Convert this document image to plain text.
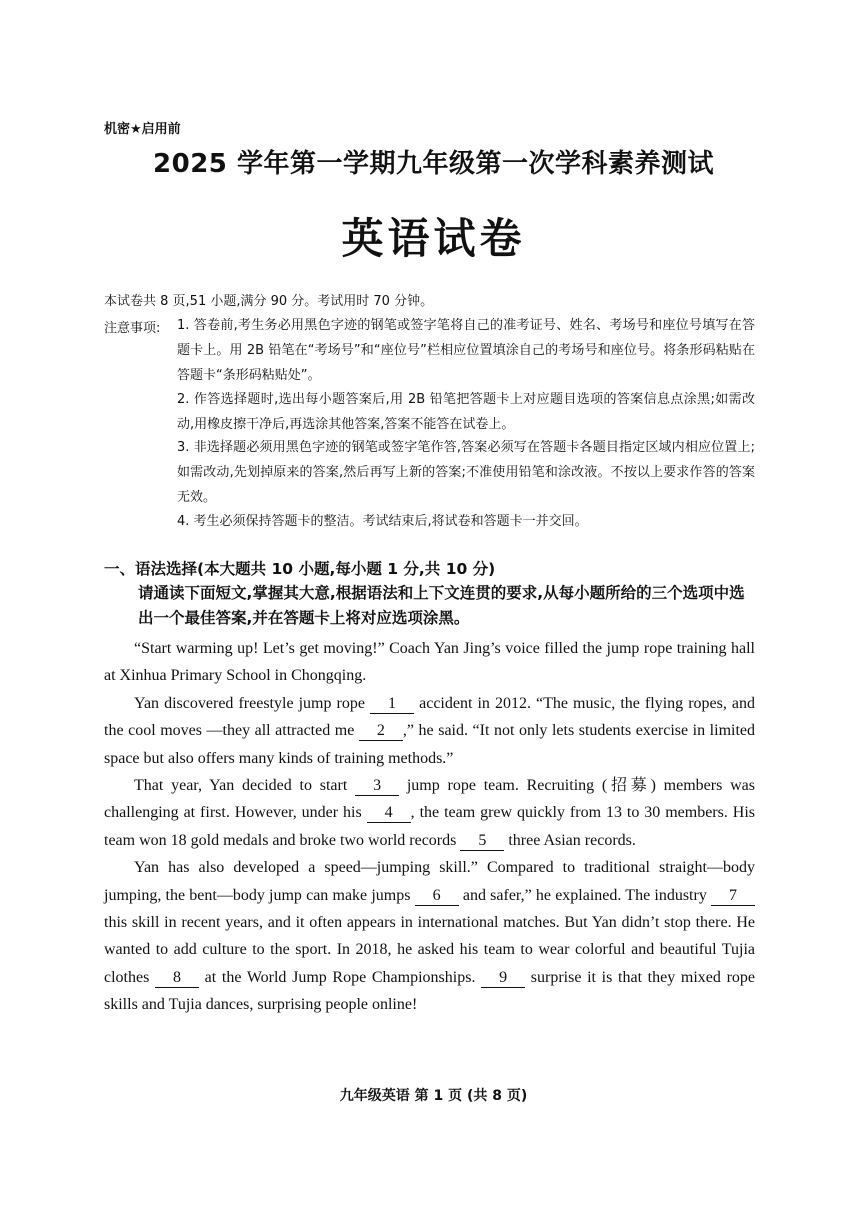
机密★启用前
2025 学年第一学期九年级第一次学科素养测试
英语试卷
本试卷共 8 页,51 小题,满分 90 分。考试用时 70 分钟。
注意事项: 1. 答卷前,考生务必用黑色字迹的钢笔或签字笔将自己的准考证号、姓名、考场号和座位号填写在答题卡上。用 2B 铅笔在“考场号”和“座位号”栏相应位置填涂自己的考场号和座位号。将条形码粘贴在答题卡“条形码粘贴处”。
2. 作答选择题时,选出每小题答案后,用 2B 铅笔把答题卡上对应题目选项的答案信息点涂黑;如需改动,用橡皮擦干净后,再选涂其他答案,答案不能答在试卷上。
3. 非选择题必须用黑色字迹的钢笔或签字笔作答,答案必须写在答题卡各题目指定区域内相应位置上;如需改动,先划掉原来的答案,然后再写上新的答案;不准使用铅笔和涂改液。不按以上要求作答的答案无效。
4. 考生必须保持答题卡的整洁。考试结束后,将试卷和答题卡一并交回。
一、语法选择(本大题共 10 小题,每小题 1 分,共 10 分)
请通读下面短文,掌握其大意,根据语法和上下文连贯的要求,从每小题所给的三个选项中选出一个最佳答案,并在答题卡上将对应选项涂黑。

“Start warming up! Let’s get moving!” Coach Yan Jing’s voice filled the jump rope training hall at Xinhua Primary School in Chongqing.

Yan discovered freestyle jump rope 1 accident in 2012. “The music, the flying ropes, and the cool moves —they all attracted me 2 ,” he said. “It not only lets students exercise in limited space but also offers many kinds of training methods.”

That year, Yan decided to start 3 jump rope team. Recruiting (招募) members was challenging at first. However, under his 4 , the team grew quickly from 13 to 30 members. His team won 18 gold medals and broke two world records 5 three Asian records.

Yan has also developed a speed—jumping skill.” Compared to traditional straight—body jumping, the bent—body jump can make jumps 6 and safer,” he explained. The industry 7 this skill in recent years, and it often appears in international matches. But Yan didn’t stop there. He wanted to add culture to the sport. In 2018, he asked his team to wear colorful and beautiful Tujia clothes 8 at the World Jump Rope Championships. 9 surprise it is that they mixed rope skills and Tujia dances, surprising people online!

九年级英语 第 1 页 (共 8 页)
